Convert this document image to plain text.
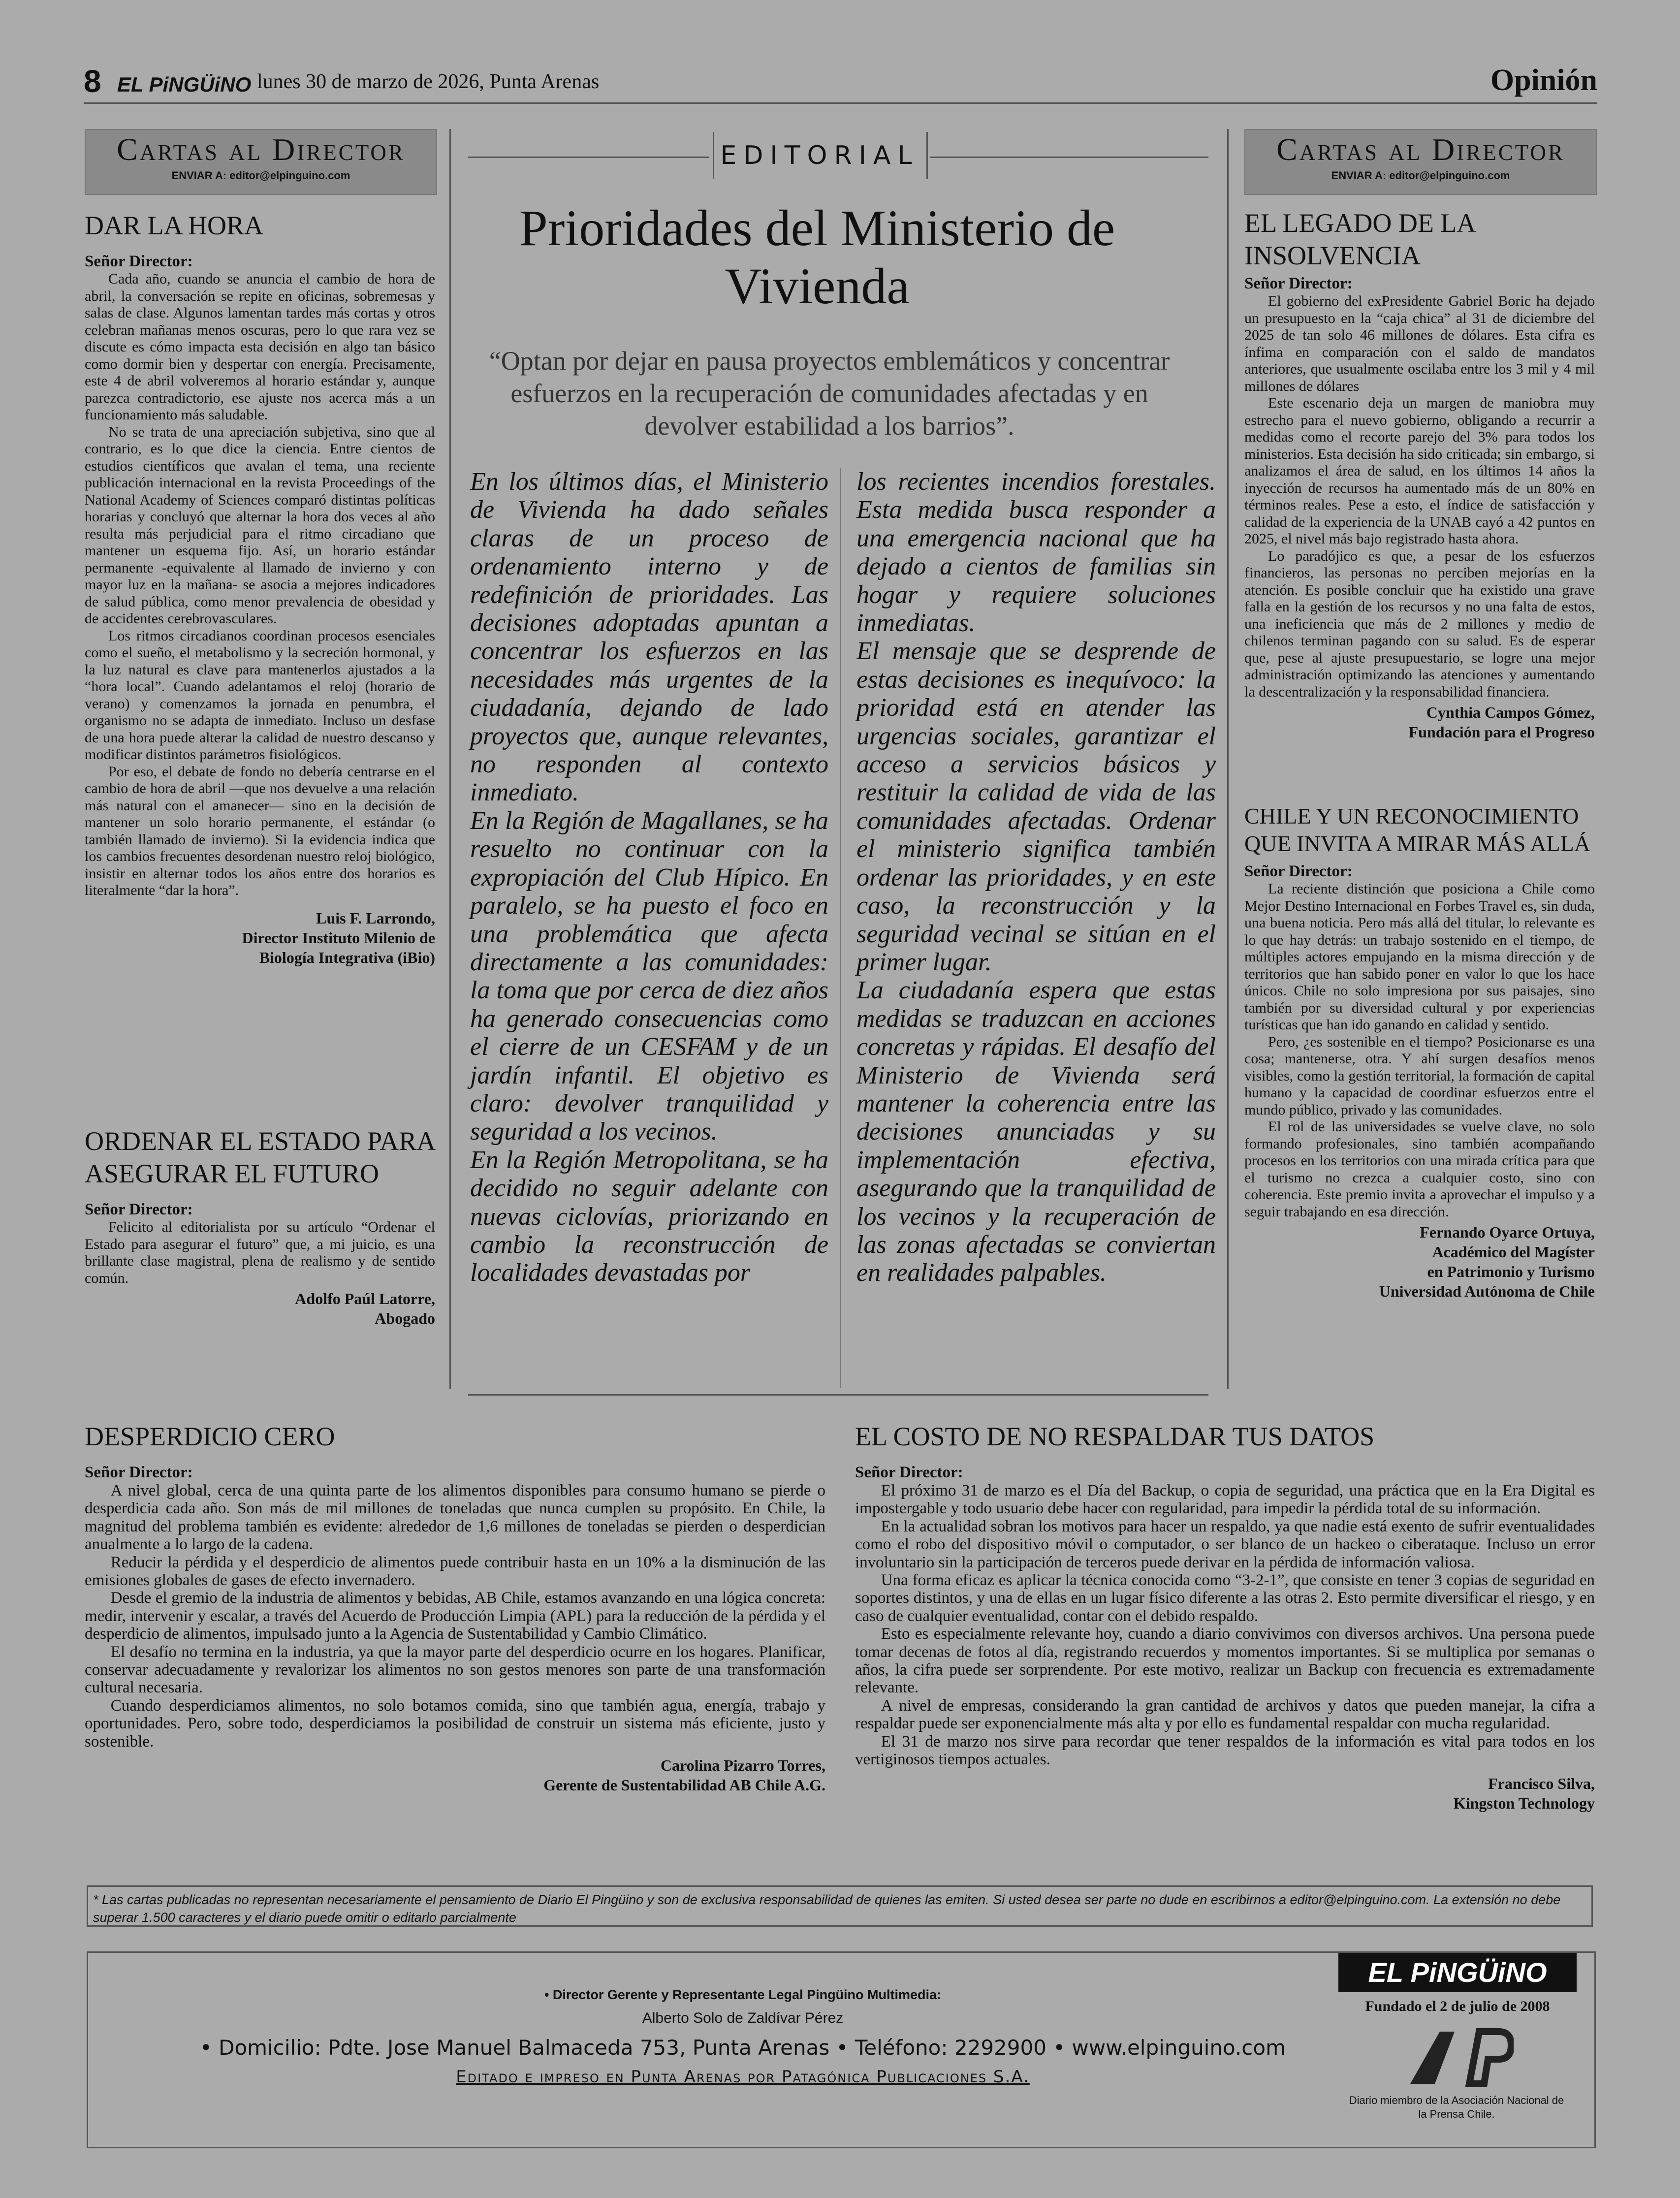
8 EL PiNGÜiNO lunes 30 de marzo de 2026, Punta Arenas	Opinión
Cartas al Director
ENVIAR A: editor@elpinguino.com
Cartas al Director
ENVIAR A: editor@elpinguino.com
EDITORIAL
Prioridades del Ministerio de Vivienda
“Optan por dejar en pausa proyectos emblemáticos y concentrar esfuerzos en la recuperación de comunidades afectadas y en devolver estabilidad a los barrios”.

En los últimos días, el Ministerio de Vivienda ha dado señales claras de un proceso de ordenamiento interno y de redefinición de prioridades. Las decisiones adoptadas apuntan a concentrar los esfuerzos en las necesidades más urgentes de la ciudadanía, dejando de lado proyectos que, aunque relevantes, no responden al contexto inmediato.

En la Región de Magallanes, se ha resuelto no continuar con la expropiación del Club Hípico. En paralelo, se ha puesto el foco en una problemática que afecta directamente a las comunidades: la toma que por cerca de diez años ha generado consecuencias como el cierre de un CESFAM y de un jardín infantil. El objetivo es claro: devolver tranquilidad y seguridad a los vecinos.

En la Región Metropolitana, se ha decidido no seguir adelante con nuevas ciclovías, priorizando en cambio la reconstrucción de localidades devastadas por

los recientes incendios forestales. Esta medida busca responder a una emergencia nacional que ha dejado a cientos de familias sin hogar y requiere soluciones inmediatas.

El mensaje que se desprende de estas decisiones es inequívoco: la prioridad está en atender las urgencias sociales, garantizar el acceso a servicios básicos y restituir la calidad de vida de las comunidades afectadas. Ordenar el ministerio significa también ordenar las prioridades, y en este caso, la reconstrucción y la seguridad vecinal se sitúan en el primer lugar.

La ciudadanía espera que estas medidas se traduzcan en acciones concretas y rápidas. El desafío del Ministerio de Vivienda será mantener la coherencia entre las decisiones anunciadas y su implementación efectiva, asegurando que la tranquilidad de los vecinos y la recuperación de las zonas afectadas se conviertan en realidades palpables.

DAR LA HORA
Señor Director:

Cada año, cuando se anuncia el cambio de hora de abril, la conversación se repite en oficinas, sobremesas y salas de clase. Algunos lamentan tardes más cortas y otros celebran mañanas menos oscuras, pero lo que rara vez se discute es cómo impacta esta decisión en algo tan básico como dormir bien y despertar con energía. Precisamente, este 4 de abril volveremos al horario estándar y, aunque parezca contradictorio, ese ajuste nos acerca más a un funcionamiento más saludable.

No se trata de una apreciación subjetiva, sino que al contrario, es lo que dice la ciencia. Entre cientos de estudios científicos que avalan el tema, una reciente publicación internacional en la revista Proceedings of the National Academy of Sciences comparó distintas políticas horarias y concluyó que alternar la hora dos veces al año resulta más perjudicial para el ritmo circadiano que mantener un esquema fijo. Así, un horario estándar permanente -equivalente al llamado de invierno y con mayor luz en la mañana- se asocia a mejores indicadores de salud pública, como menor prevalencia de obesidad y de accidentes cerebrovasculares.

Los ritmos circadianos coordinan procesos esenciales como el sueño, el metabolismo y la secreción hormonal, y la luz natural es clave para mantenerlos ajustados a la “hora local”. Cuando adelantamos el reloj (horario de verano) y comenzamos la jornada en penumbra, el organismo no se adapta de inmediato. Incluso un desfase de una hora puede alterar la calidad de nuestro descanso y modificar distintos parámetros fisiológicos.

Por eso, el debate de fondo no debería centrarse en el cambio de hora de abril —que nos devuelve a una relación más natural con el amanecer— sino en la decisión de mantener un solo horario permanente, el estándar (o también llamado de invierno). Si la evidencia indica que los cambios frecuentes desordenan nuestro reloj biológico, insistir en alternar todos los años entre dos horarios es literalmente “dar la hora”.

Luis F. Larrondo,
Director Instituto Milenio de
Biología Integrativa (iBio)
ORDENAR EL ESTADO PARA ASEGURAR EL FUTURO
Señor Director:

Felicito al editorialista por su artículo “Ordenar el Estado para asegurar el futuro” que, a mi juicio, es una brillante clase magistral, plena de realismo y de sentido común.

Adolfo Paúl Latorre,
Abogado
EL LEGADO DE LA INSOLVENCIA
Señor Director:

El gobierno del exPresidente Gabriel Boric ha dejado un presupuesto en la “caja chica” al 31 de diciembre del 2025 de tan solo 46 millones de dólares. Esta cifra es ínfima en comparación con el saldo de mandatos anteriores, que usualmente oscilaba entre los 3 mil y 4 mil millones de dólares

Este escenario deja un margen de maniobra muy estrecho para el nuevo gobierno, obligando a recurrir a medidas como el recorte parejo del 3% para todos los ministerios. Esta decisión ha sido criticada; sin embargo, si analizamos el área de salud, en los últimos 14 años la inyección de recursos ha aumentado más de un 80% en términos reales. Pese a esto, el índice de satisfacción y calidad de la experiencia de la UNAB cayó a 42 puntos en 2025, el nivel más bajo registrado hasta ahora.

Lo paradójico es que, a pesar de los esfuerzos financieros, las personas no perciben mejorías en la atención. Es posible concluir que ha existido una grave falla en la gestión de los recursos y no una falta de estos, una ineficiencia que más de 2 millones y medio de chilenos terminan pagando con su salud. Es de esperar que, pese al ajuste presupuestario, se logre una mejor administración optimizando las atenciones y aumentando la descentralización y la responsabilidad financiera.

Cynthia Campos Gómez,
Fundación para el Progreso
CHILE Y UN RECONOCIMIENTO QUE INVITA A MIRAR MÁS ALLÁ
Señor Director:

La reciente distinción que posiciona a Chile como Mejor Destino Internacional en Forbes Travel es, sin duda, una buena noticia. Pero más allá del titular, lo relevante es lo que hay detrás: un trabajo sostenido en el tiempo, de múltiples actores empujando en la misma dirección y de territorios que han sabido poner en valor lo que los hace únicos. Chile no solo impresiona por sus paisajes, sino también por su diversidad cultural y por experiencias turísticas que han ido ganando en calidad y sentido.

Pero, ¿es sostenible en el tiempo? Posicionarse es una cosa; mantenerse, otra. Y ahí surgen desafíos menos visibles, como la gestión territorial, la formación de capital humano y la capacidad de coordinar esfuerzos entre el mundo público, privado y las comunidades.

El rol de las universidades se vuelve clave, no solo formando profesionales, sino también acompañando procesos en los territorios con una mirada crítica para que el turismo no crezca a cualquier costo, sino con coherencia. Este premio invita a aprovechar el impulso y a seguir trabajando en esa dirección.

Fernando Oyarce Ortuya,
Académico del Magíster
en Patrimonio y Turismo
Universidad Autónoma de Chile
DESPERDICIO CERO
Señor Director:

A nivel global, cerca de una quinta parte de los alimentos disponibles para consumo humano se pierde o desperdicia cada año. Son más de mil millones de toneladas que nunca cumplen su propósito. En Chile, la magnitud del problema también es evidente: alrededor de 1,6 millones de toneladas se pierden o desperdician anualmente a lo largo de la cadena.

Reducir la pérdida y el desperdicio de alimentos puede contribuir hasta en un 10% a la disminución de las emisiones globales de gases de efecto invernadero.

Desde el gremio de la industria de alimentos y bebidas, AB Chile, estamos avanzando en una lógica concreta: medir, intervenir y escalar, a través del Acuerdo de Producción Limpia (APL) para la reducción de la pérdida y el desperdicio de alimentos, impulsado junto a la Agencia de Sustentabilidad y Cambio Climático.

El desafío no termina en la industria, ya que la mayor parte del desperdicio ocurre en los hogares. Planificar, conservar adecuadamente y revalorizar los alimentos no son gestos menores son parte de una transformación cultural necesaria.

Cuando desperdiciamos alimentos, no solo botamos comida, sino que también agua, energía, trabajo y oportunidades. Pero, sobre todo, desperdiciamos la posibilidad de construir un sistema más eficiente, justo y sostenible.

Carolina Pizarro Torres,
Gerente de Sustentabilidad AB Chile A.G.
EL COSTO DE NO RESPALDAR TUS DATOS
Señor Director:

El próximo 31 de marzo es el Día del Backup, o copia de seguridad, una práctica que en la Era Digital es impostergable y todo usuario debe hacer con regularidad, para impedir la pérdida total de su información.

En la actualidad sobran los motivos para hacer un respaldo, ya que nadie está exento de sufrir eventualidades como el robo del dispositivo móvil o computador, o ser blanco de un hackeo o ciberataque. Incluso un error involuntario sin la participación de terceros puede derivar en la pérdida de información valiosa.

Una forma eficaz es aplicar la técnica conocida como “3-2-1”, que consiste en tener 3 copias de seguridad en soportes distintos, y una de ellas en un lugar físico diferente a las otras 2. Esto permite diversificar el riesgo, y en caso de cualquier eventualidad, contar con el debido respaldo.

Esto es especialmente relevante hoy, cuando a diario convivimos con diversos archivos. Una persona puede tomar decenas de fotos al día, registrando recuerdos y momentos importantes. Si se multiplica por semanas o años, la cifra puede ser sorprendente. Por este motivo, realizar un Backup con frecuencia es extremadamente relevante.

A nivel de empresas, considerando la gran cantidad de archivos y datos que pueden manejar, la cifra a respaldar puede ser exponencialmente más alta y por ello es fundamental respaldar con mucha regularidad.

El 31 de marzo nos sirve para recordar que tener respaldos de la información es vital para todos en los vertiginosos tiempos actuales.

Francisco Silva,
Kingston Technology
* Las cartas publicadas no representan necesariamente el pensamiento de Diario El Pingüino y son de exclusiva responsabilidad de quienes las emiten. Si usted desea ser parte no dude en escribirnos a editor@elpinguino.com. La extensión no debe superar 1.500 caracteres y el diario puede omitir o editarlo parcialmente
• Director Gerente y Representante Legal Pingüino Multimedia:
Alberto Solo de Zaldívar Pérez
• Domicilio: Pdte. Jose Manuel Balmaceda 753, Punta Arenas • Teléfono: 2292900 • www.elpinguino.com
Editado e impreso en Punta Arenas por Patagónica Publicaciones S.A.
EL PiNGÜiNO
Fundado el 2 de julio de 2008
Diario miembro de la Asociación Nacional de la Prensa Chile.
